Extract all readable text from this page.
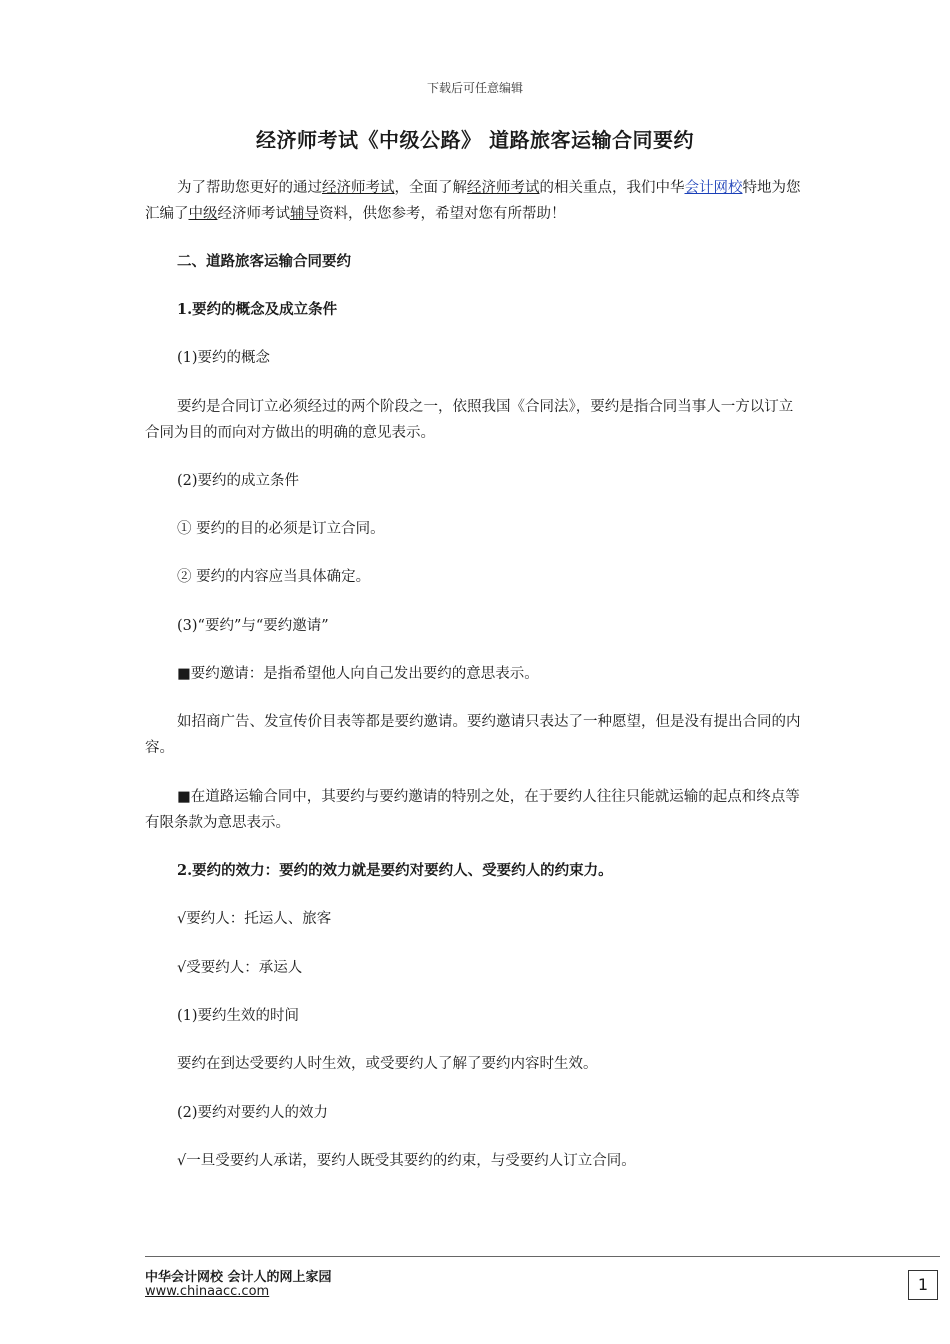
下载后可任意编辑
经济师考试《中级公路》 道路旅客运输合同要约

为了帮助您更好的通过经济师考试，全面了解经济师考试的相关重点，我们中华会计网校特地为您汇编了中级经济师考试辅导资料，供您参考，希望对您有所帮助！

二、道路旅客运输合同要约

1.要约的概念及成立条件

(1)要约的概念

要约是合同订立必须经过的两个阶段之一，依照我国《合同法》，要约是指合同当事人一方以订立合同为目的而向对方做出的明确的意见表示。

(2)要约的成立条件

① 要约的目的必须是订立合同。

② 要约的内容应当具体确定。

(3)“要约”与“要约邀请”

■要约邀请：是指希望他人向自己发出要约的意思表示。

如招商广告、发宣传价目表等都是要约邀请。要约邀请只表达了一种愿望，但是没有提出合同的内容。

■在道路运输合同中，其要约与要约邀请的特别之处，在于要约人往往只能就运输的起点和终点等有限条款为意思表示。

2.要约的效力：要约的效力就是要约对要约人、受要约人的约束力。

√要约人：托运人、旅客

√受要约人：承运人

(1)要约生效的时间

要约在到达受要约人时生效，或受要约人了解了要约内容时生效。

(2)要约对要约人的效力

√一旦受要约人承诺，要约人既受其要约的约束，与受要约人订立合同。

中华会计网校 会计人的网上家园
www.chinaacc.com	1
